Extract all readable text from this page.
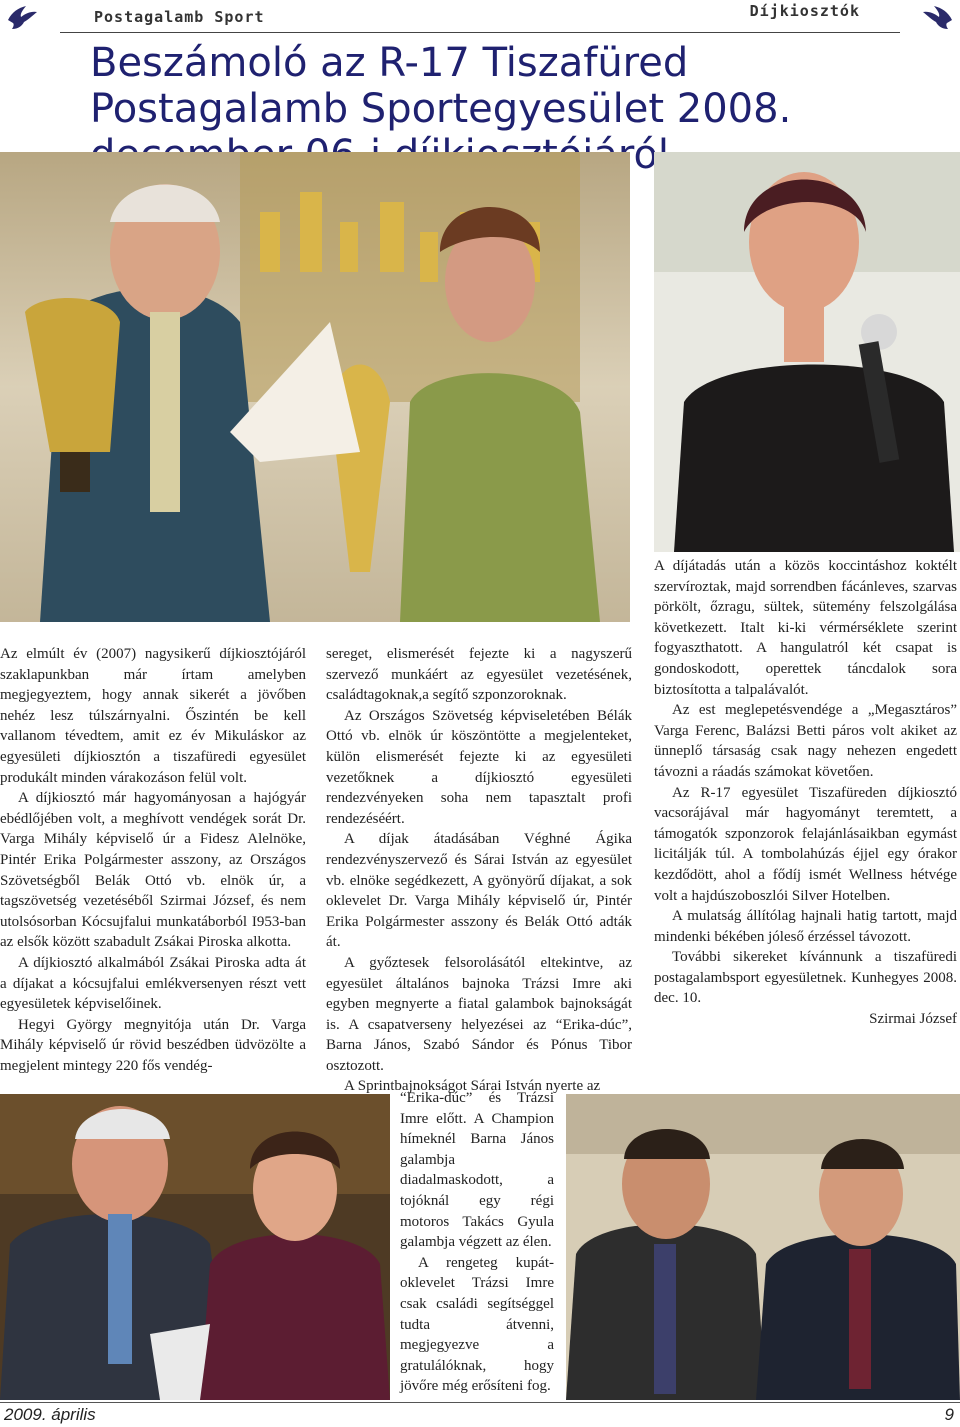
Postagalamb Sport	Díjkiosztók
Beszámoló az R-17 Tiszafüred Postagalamb Sportegyesület 2008.

Az elmúlt év (2007) nagysikerű díjkiosztójáról szaklapunkban már írtam amelyben megjegyeztem, hogy annak sikerét a jövőben nehéz lesz túlszárnyalni. Őszintén be kell vallanom tévedtem, amit ez év Mikuláskor az egyesületi díjkiosztón a tiszafüredi egyesület produkált minden várakozáson felül volt.

A díjkiosztó már hagyományosan a hajógyár ebédlőjében volt, a meghívott vendégek sorát Dr. Varga Mihály képviselő úr a Fidesz Alelnöke, Pintér Erika Polgármester asszony, az Országos Szövetségből Belák Ottó vb. elnök úr, a tagszövetség vezetéséből Szirmai József, és nem utolsósorban Kócsujfalui munkatáborból I953-ban az elsők között szabadult Zsákai Piroska alkotta.

A díjkiosztó alkalmából Zsákai Piroska adta át a díjakat a kócsujfalui emlékversenyen részt vett egyesületek képviselőinek.

Hegyi György megnyitója után Dr. Varga Mihály képviselő úr rövid beszédben üdvözölte a megjelent mintegy 220 fős vendég-

sereget, elismerését fejezte ki a nagyszerű szervező munkáért az egyesület vezetésének, családtagoknak,a segítő szponzoroknak.

Az Országos Szövetség képviseletében Bélák Ottó vb. elnök úr köszöntötte a megjelenteket, külön elismerését fejezte ki az egyesületi vezetőknek a díjkiosztó egyesületi rendezvényeken soha nem tapasztalt profi rendezéséért.

A díjak átadásában Véghné Ágika rendezvényszervező és Sárai István az egyesület vb. elnöke segédkezett, A gyönyörű díjakat, a sok oklevelet Dr. Varga Mihály képviselő úr, Pintér Erika Polgármester asszony és Belák Ottó adták át.

A győztesek felsorolásától eltekintve, az egyesület általános bajnoka Trázsi Imre aki egyben megnyerte a fiatal galambok bajnokságát is. A csapatverseny helyezései az “Erika-dúc”, Barna János, Szabó Sándor és Pónus Tibor osztozott.

A Sprintbajnokságot Sárai István nyerte az

“Erika-dúc” és Trázsi Imre előtt. A Champion hímeknél Barna János galambja diadalmaskodott, a tojóknál egy régi motoros Takács Gyula galambja végzett az élen.

A rengeteg kupát-oklevelet Trázsi Imre csak családi segítséggel tudta átvenni, megjegyezve a gratulálóknak, hogy jövőre még erősíteni fog.

A díjátadás után a közös koccintáshoz koktélt szervíroztak, majd sorrendben fácánleves, szarvas pörkölt, őzragu, sültek, sütemény felszolgálása következett. Italt ki-ki vérmérséklete szerint fogyaszthatott. A hangulatról két csapat is gondoskodott, operettek táncdalok sora biztosította a talpalávalót.

Az est meglepetésvendége a „Megasztáros” Varga Ferenc, Balázsi Betti páros volt akiket az ünneplő társaság csak nagy nehezen engedett távozni a ráadás számokat követően.

Az R-17 egyesület Tiszafüreden díjkiosztó vacsorájával már hagyományt teremtett, a támogatók szponzorok felajánlásaikban egymást licitálják túl. A tombolahúzás éjjel egy órakor kezdődött, ahol a fődíj ismét Wellness hétvége volt a hajdúszoboszlói Silver Hotelben.

A mulatság állítólag hajnali hatig tartott, majd mindenki békében jóleső érzéssel távozott.

További sikereket kívánnunk a tiszafüredi postagalambsport egyesületnek. Kunhegyes 2008. dec. 10.

Szirmai József

2009. április	9
